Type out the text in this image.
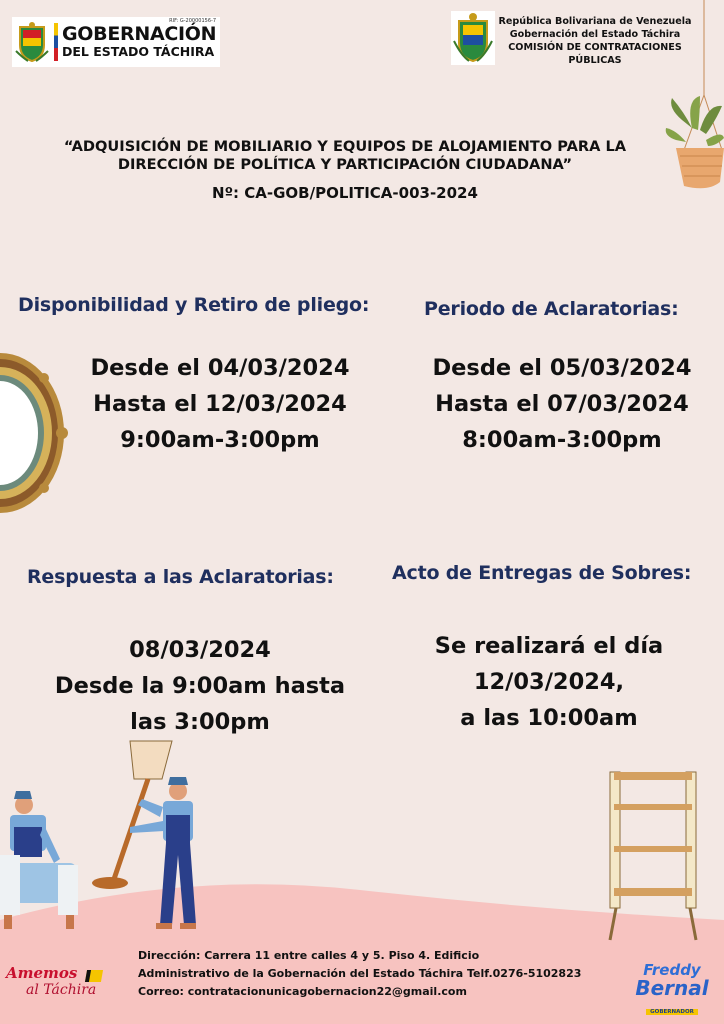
GOBERNACIÓN
DEL ESTADO TÁCHIRA
RIF: G-20000156-7	República Bolivariana de Venezuela
Gobernación del Estado Táchira
COMISIÓN DE CONTRATACIONES
PÚBLICAS
“ADQUISICIÓN DE MOBILIARIO Y EQUIPOS DE ALOJAMIENTO PARA LA
DIRECCIÓN DE POLÍTICA Y PARTICIPACIÓN CIUDADANA”
Nº: CA-GOB/POLITICA-003-2024
Disponibilidad y Retiro de pliego:
Desde el 04/03/2024
Hasta el 12/03/2024
9:00am-3:00pm
Periodo de Aclaratorias:
Desde el 05/03/2024
Hasta el 07/03/2024
8:00am-3:00pm
Respuesta a las Aclaratorias:
08/03/2024
Desde la 9:00am hasta
las 3:00pm
Acto de Entregas de Sobres:
Se realizará el día
12/03/2024,
a las 10:00am
Dirección: Carrera 11 entre calles 4 y 5. Piso 4. Edificio
Administrativo de la Gobernación del Estado Táchira Telf.0276-5102823
Correo: contratacionunicagobernacion22@gmail.com
Amemos
al Táchira
Freddy
Bernal
GOBERNADOR
